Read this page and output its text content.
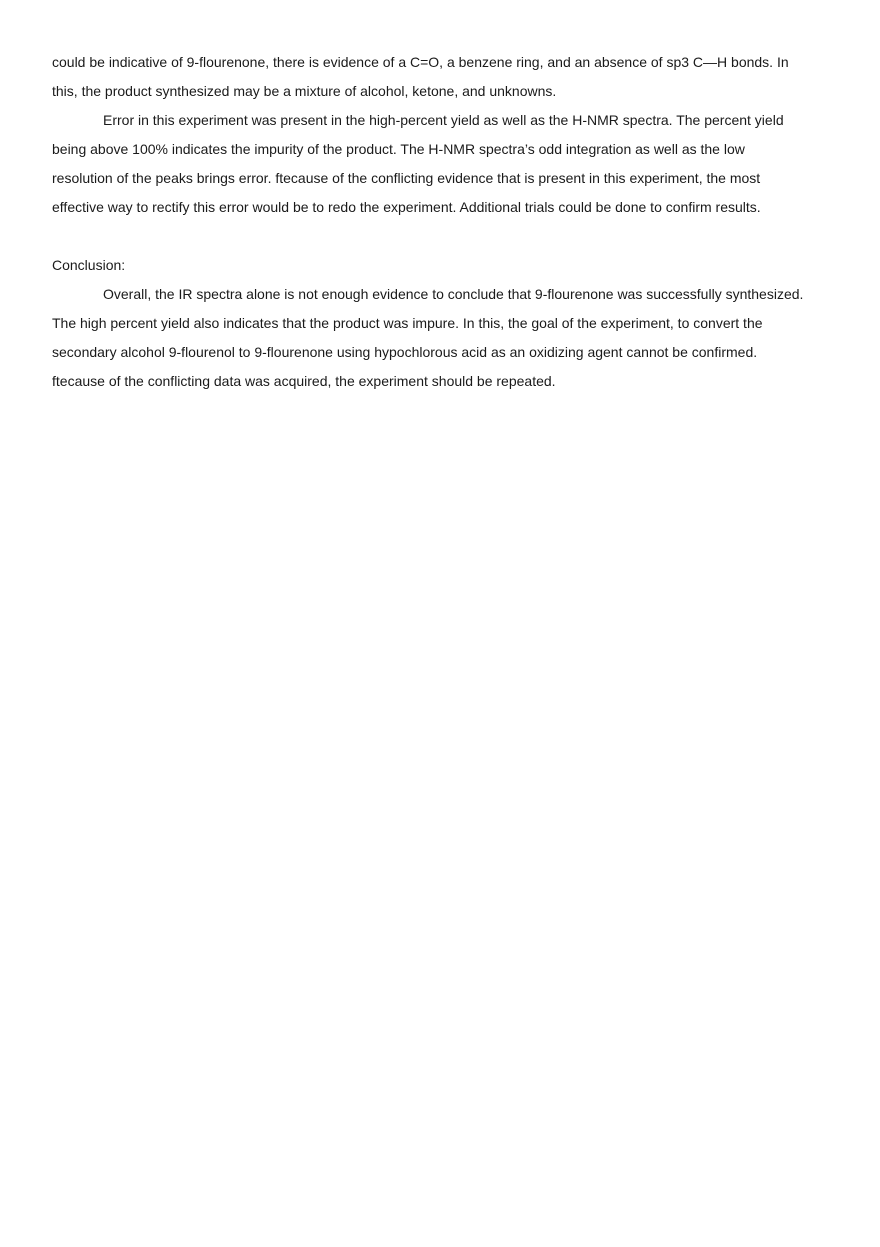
could be indicative of 9-flourenone, there is evidence of a C=O, a benzene ring, and an absence of sp3 C—H bonds. In
this, the product synthesized may be a mixture of alcohol, ketone, and unknowns.
Error in this experiment was present in the high-percent yield as well as the H-NMR spectra. The percent yield
being above 100% indicates the impurity of the product. The H-NMR spectra’s odd integration as well as the low
resolution of the peaks brings error. ftecause of the conflicting evidence that is present in this experiment, the most
effective way to rectify this error would be to redo the experiment. Additional trials could be done to confirm results.
Conclusion:
Overall, the IR spectra alone is not enough evidence to conclude that 9-flourenone was successfully synthesized.
The high percent yield also indicates that the product was impure. In this, the goal of the experiment, to convert the
secondary alcohol 9-flourenol to 9-flourenone using hypochlorous acid as an oxidizing agent cannot be confirmed.
ftecause of the conflicting data was acquired, the experiment should be repeated.
